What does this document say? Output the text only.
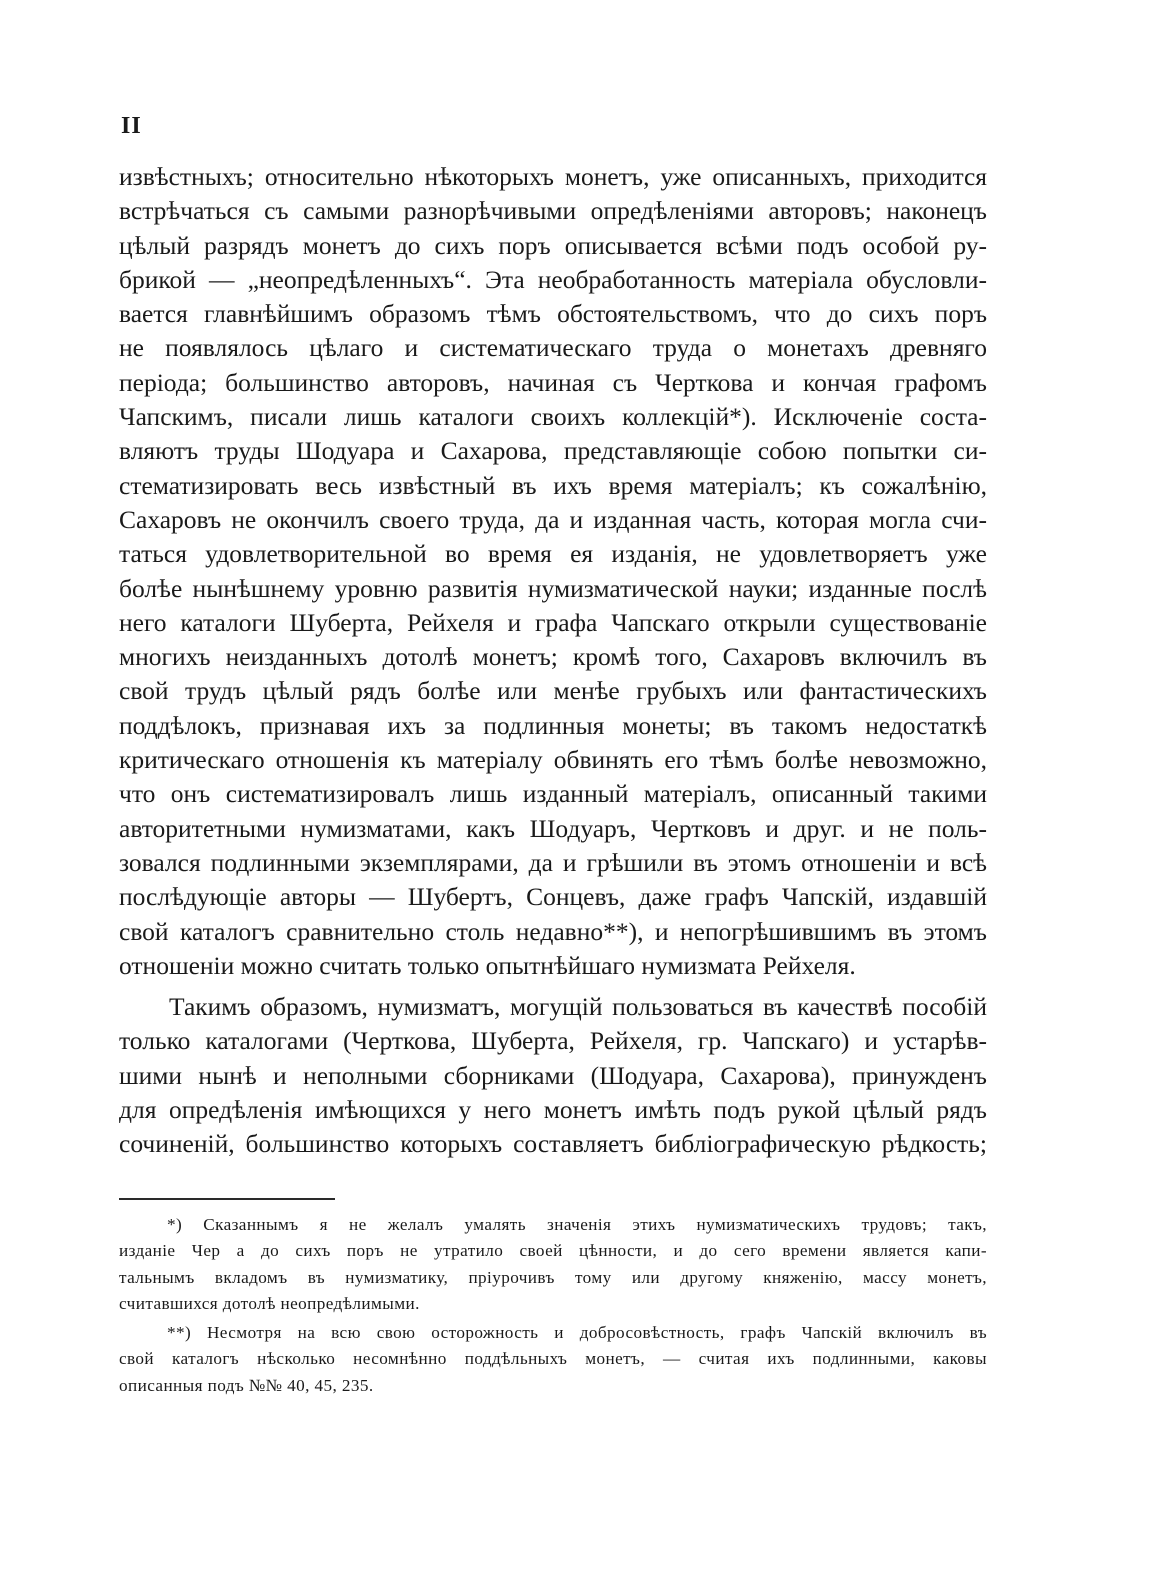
II
извѣстныхъ; относительно нѣкоторыхъ монетъ, уже описанныхъ, приходится
встрѣчаться съ самыми разнорѣчивыми опредѣленіями авторовъ; наконецъ
цѣлый разрядъ монетъ до сихъ поръ описывается всѣми подъ особой ру-
брикой — „неопредѣленныхъ“. Эта необработанность матеріала обусловли-
вается главнѣйшимъ образомъ тѣмъ обстоятельствомъ, что до сихъ поръ
не появлялось цѣлаго и систематическаго труда о монетахъ древняго
періода; большинство авторовъ, начиная съ Черткова и кончая графомъ
Чапскимъ, писали лишь каталоги своихъ коллекцій*). Исключеніе соста-
вляютъ труды Шодуара и Сахарова, представляющіе собою попытки си-
стематизировать весь извѣстный въ ихъ время матеріалъ; къ сожалѣнію,
Сахаровъ не окончилъ своего труда, да и изданная часть, которая могла счи-
таться удовлетворительной во время ея изданія, не удовлетворяетъ уже
болѣе нынѣшнему уровню развитія нумизматической науки; изданные послѣ
него каталоги Шуберта, Рейхеля и графа Чапскаго открыли существованіе
многихъ неизданныхъ дотолѣ монетъ; кромѣ того, Сахаровъ включилъ въ
свой трудъ цѣлый рядъ болѣе или менѣе грубыхъ или фантастическихъ
поддѣлокъ, признавая ихъ за подлинныя монеты; въ такомъ недостаткѣ
критическаго отношенія къ матеріалу обвинять его тѣмъ болѣе невозможно,
что онъ систематизировалъ лишь изданный матеріалъ, описанный такими
авторитетными нумизматами, какъ Шодуаръ, Чертковъ и друг. и не поль-
зовался подлинными экземплярами, да и грѣшили въ этомъ отношеніи и всѣ
послѣдующіе авторы — Шубертъ, Сонцевъ, даже графъ Чапскій, издавшій
свой каталогъ сравнительно столь недавно**), и непогрѣшившимъ въ этомъ
отношеніи можно считать только опытнѣйшаго нумизмата Рейхеля.
Такимъ образомъ, нумизматъ, могущій пользоваться въ качествѣ пособій
только каталогами (Черткова, Шуберта, Рейхеля, гр. Чапскаго) и устарѣв-
шими нынѣ и неполными сборниками (Шодуара, Сахарова), принужденъ
для опредѣленія имѣющихся у него монетъ имѣть подъ рукой цѣлый рядъ
сочиненій, большинство которыхъ составляетъ библіографическую рѣдкость;
*) Сказаннымъ я не желалъ умалять значенія этихъ нумизматическихъ трудовъ; такъ,
изданіе Чер а до сихъ поръ не утратило своей цѣнности, и до сего времени является капи-
тальнымъ вкладомъ въ нумизматику, пріурочивъ тому или другому княженію, массу монетъ,
считавшихся дотолѣ неопредѣлимыми.
**) Несмотря на всю свою осторожность и добросовѣстность, графъ Чапскій включилъ въ
свой каталогъ нѣсколько несомнѣнно поддѣльныхъ монетъ, — считая ихъ подлинными, каковы
описанныя подъ №№ 40, 45, 235.
